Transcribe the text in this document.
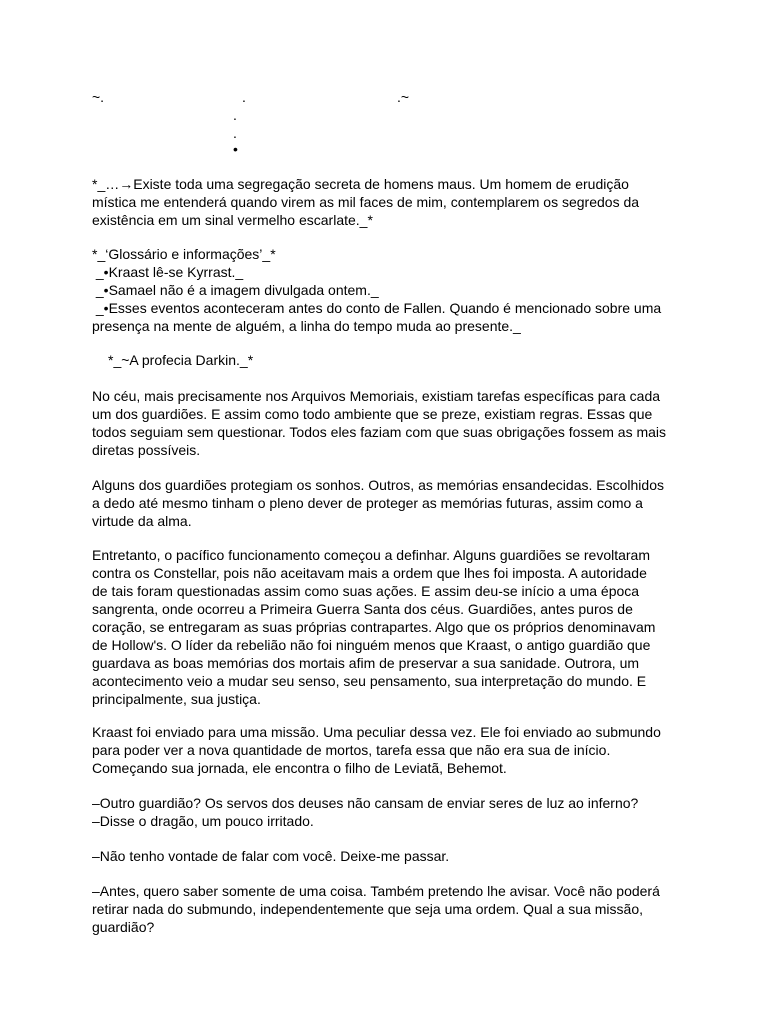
~.	.	.~
.
.
•
*_…→Existe toda uma segregação secreta de homens maus. Um homem de erudição
mística me entenderá quando virem as mil faces de mim, contemplarem os segredos da
existência em um sinal vermelho escarlate._*
*_‘Glossário e informações’_*
_•Kraast lê-se Kyrrast._
_•Samael não é a imagem divulgada ontem._
_•Esses eventos aconteceram antes do conto de Fallen. Quando é mencionado sobre uma
presença na mente de alguém, a linha do tempo muda ao presente._
*_~A profecia Darkin._*
No céu, mais precisamente nos Arquivos Memoriais, existiam tarefas específicas para cada
um dos guardiões. E assim como todo ambiente que se preze, existiam regras. Essas que
todos seguiam sem questionar. Todos eles faziam com que suas obrigações fossem as mais
diretas possíveis.
Alguns dos guardiões protegiam os sonhos. Outros, as memórias ensandecidas. Escolhidos
a dedo até mesmo tinham o pleno dever de proteger as memórias futuras, assim como a
virtude da alma.
Entretanto, o pacífico funcionamento começou a definhar. Alguns guardiões se revoltaram
contra os Constellar, pois não aceitavam mais a ordem que lhes foi imposta. A autoridade
de tais foram questionadas assim como suas ações. E assim deu-se início a uma época
sangrenta, onde ocorreu a Primeira Guerra Santa dos céus. Guardiões, antes puros de
coração, se entregaram as suas próprias contrapartes. Algo que os próprios denominavam
de Hollow's. O líder da rebelião não foi ninguém menos que Kraast, o antigo guardião que
guardava as boas memórias dos mortais afim de preservar a sua sanidade. Outrora, um
acontecimento veio a mudar seu senso, seu pensamento, sua interpretação do mundo. E
principalmente, sua justiça.
Kraast foi enviado para uma missão. Uma peculiar dessa vez. Ele foi enviado ao submundo
para poder ver a nova quantidade de mortos, tarefa essa que não era sua de início.
Começando sua jornada, ele encontra o filho de Leviatã, Behemot.
–Outro guardião? Os servos dos deuses não cansam de enviar seres de luz ao inferno?
–Disse o dragão, um pouco irritado.
–Não tenho vontade de falar com você. Deixe-me passar.
–Antes, quero saber somente de uma coisa. Também pretendo lhe avisar. Você não poderá
retirar nada do submundo, independentemente que seja uma ordem. Qual a sua missão,
guardião?
